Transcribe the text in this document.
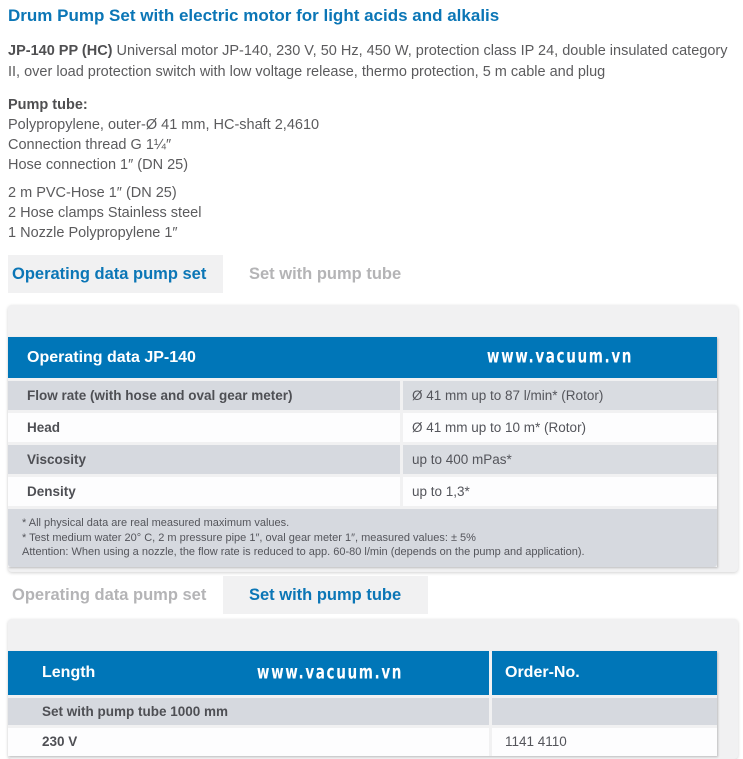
Drum Pump Set with electric motor for light acids and alkalis

JP-140 PP (HC) Universal motor JP-140, 230 V, 50 Hz, 450 W, protection class IP 24, double insulated category II, over load protection switch with low voltage release, thermo protection, 5 m cable and plug

Pump tube:
Polypropylene, outer-Ø 41 mm, HC-shaft 2,4610
Connection thread G 1¼″
Hose connection 1″ (DN 25)
2 m PVC-Hose 1″ (DN 25)
2 Hose clamps Stainless steel
1 Nozzle Polypropylene 1″
Operating data pump set	Set with pump tube
Operating data JP-140	www.vacuum.vn
Flow rate (with hose and oval gear meter)	Ø 41 mm up to 87 l/min* (Rotor)
Head	Ø 41 mm up to 10 m* (Rotor)
Viscosity	up to 400 mPas*
Density	up to 1,3*
* All physical data are real measured maximum values.
* Test medium water 20° C, 2 m pressure pipe 1″, oval gear meter 1″, measured values: ± 5%
Attention: When using a nozzle, the flow rate is reduced to app. 60-80 l/min (depends on the pump and application).
Operating data pump set	Set with pump tube
Length	Order-No.
www.vacuum.vn
Set with pump tube 1000 mm
230 V	1141 4110
